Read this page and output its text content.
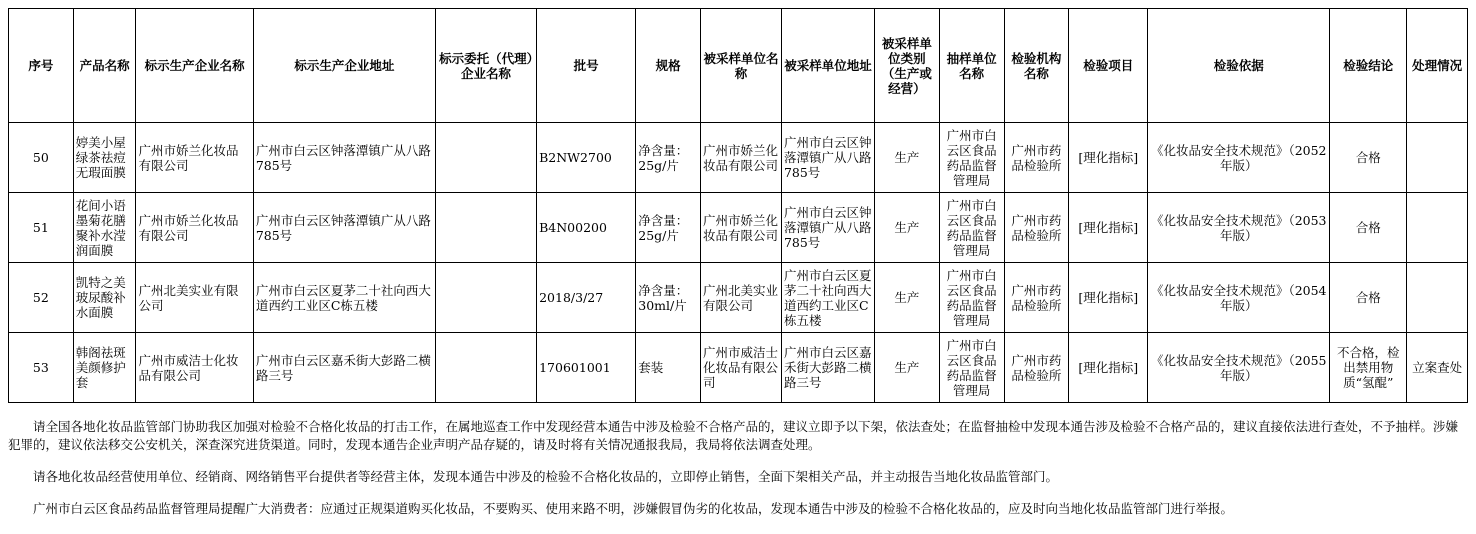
序号	产品名称	标示生产企业名称	标示生产企业地址	标示委托（代理）企业名称	批号	规格	被采样单位名称	被采样单位地址	被采样单位类别（生产或经营）	抽样单位名称	检验机构名称	检验项目	检验依据	检验结论	处理情况
50	婷美小屋绿茶祛痘无瑕面膜	广州市娇兰化妆品有限公司	广州市白云区钟落潭镇广从八路785号		B2NW2700	净含量：25g/片	广州市娇兰化妆品有限公司	广州市白云区钟落潭镇广从八路785号	生产	广州市白云区食品药品监督管理局	广州市药品检验所	[理化指标]	《化妆品安全技术规范》（2052年版）	合格	
51	花间小语墨菊花膳聚补水滢润面膜	广州市娇兰化妆品有限公司	广州市白云区钟落潭镇广从八路785号		B4N00200	净含量：25g/片	广州市娇兰化妆品有限公司	广州市白云区钟落潭镇广从八路785号	生产	广州市白云区食品药品监督管理局	广州市药品检验所	[理化指标]	《化妆品安全技术规范》（2053年版）	合格	
52	凯特之美玻尿酸补水面膜	广州北美实业有限公司	广州市白云区夏茅二十社向西大道西约工业区C栋五楼		2018/3/27	净含量：30ml/片	广州北美实业有限公司	广州市白云区夏茅二十社向西大道西约工业区C栋五楼	生产	广州市白云区食品药品监督管理局	广州市药品检验所	[理化指标]	《化妆品安全技术规范》（2054年版）	合格	
53	韩阁祛斑美颜修护套	广州市威洁士化妆品有限公司	广州市白云区嘉禾街大彭路二横路三号		170601001	套装	广州市威洁士化妆品有限公司	广州市白云区嘉禾街大彭路二横路三号	生产	广州市白云区食品药品监督管理局	广州市药品检验所	[理化指标]	《化妆品安全技术规范》（2055年版）	不合格，检出禁用物质“氢醌”	立案查处

请全国各地化妆品监管部门协助我区加强对检验不合格化妆品的打击工作，在属地巡查工作中发现经营本通告中涉及检验不合格产品的，建议立即予以下架，依法查处；在监督抽检中发现本通告涉及检验不合格产品的，建议直接依法进行查处，不予抽样。涉嫌犯罪的，建议依法移交公安机关，深查深究进货渠道。同时，发现本通告企业声明产品存疑的，请及时将有关情况通报我局，我局将依法调查处理。

请各地化妆品经营使用单位、经销商、网络销售平台提供者等经营主体，发现本通告中涉及的检验不合格化妆品的，立即停止销售，全面下架相关产品，并主动报告当地化妆品监管部门。

广州市白云区食品药品监督管理局提醒广大消费者：应通过正规渠道购买化妆品，不要购买、使用来路不明，涉嫌假冒伪劣的化妆品，发现本通告中涉及的检验不合格化妆品的，应及时向当地化妆品监管部门进行举报。
